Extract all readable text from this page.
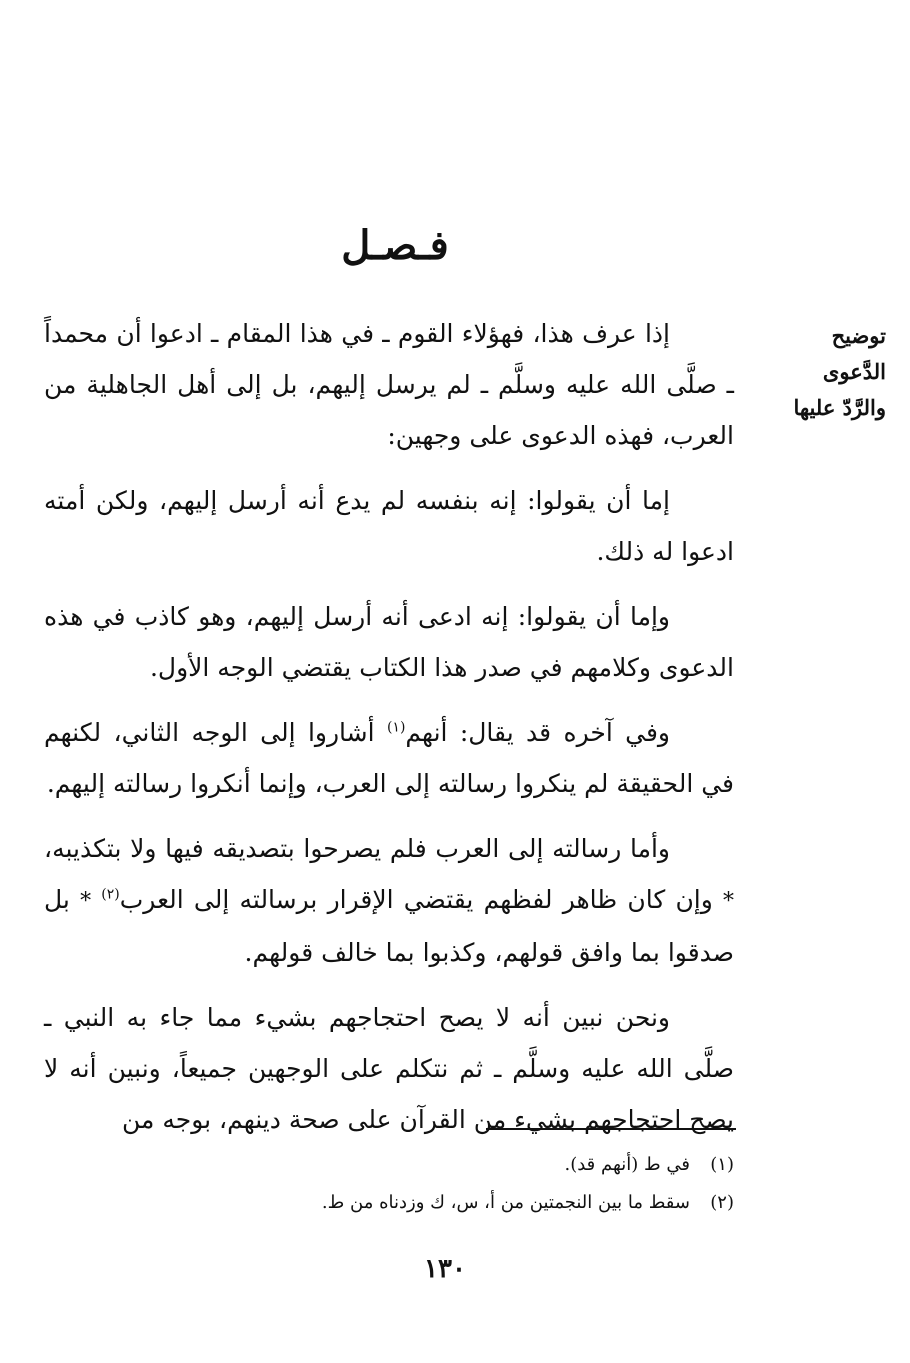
فـصـل
توضيح الدَّعوى
والرَّدّ عليها

إذا عرف هذا، فهؤلاء القوم ـ في هذا المقام ـ ادعوا أن محمداً ـ صلَّى الله عليه وسلَّم ـ لم يرسل إليهم، بل إلى أهل الجاهلية من العرب، فهذه الدعوى على وجهين:

إما أن يقولوا: إنه بنفسه لم يدع أنه أرسل إليهم، ولكن أمته ادعوا له ذلك.

وإما أن يقولوا: إنه ادعى أنه أرسل إليهم، وهو كاذب في هذه الدعوى وكلامهم في صدر هذا الكتاب يقتضي الوجه الأول.

وفي آخره قد يقال: أنهم$^{(١)}$ أشاروا إلى الوجه الثاني، لكنهم في الحقيقة لم ينكروا رسالته إلى العرب، وإنما أنكروا رسالته إليهم.

وأما رسالته إلى العرب فلم يصرحوا بتصديقه فيها ولا بتكذيبه، * وإن كان ظاهر لفظهم يقتضي الإقرار برسالته إلى العرب$^{(٢)}$ * بل صدقوا بما وافق قولهم، وكذبوا بما خالف قولهم.

ونحن نبين أنه لا يصح احتجاجهم بشيء مما جاء به النبي ـ صلَّى الله عليه وسلَّم ـ ثم نتكلم على الوجهين جميعاً، ونبين أنه لا يصح احتجاجهم بشيء من القرآن على صحة دينهم، بوجه من

(١)في ط (أنهم قد).
(٢)سقط ما بين النجمتين من أ، س، ك وزدناه من ط.
١٣٠
